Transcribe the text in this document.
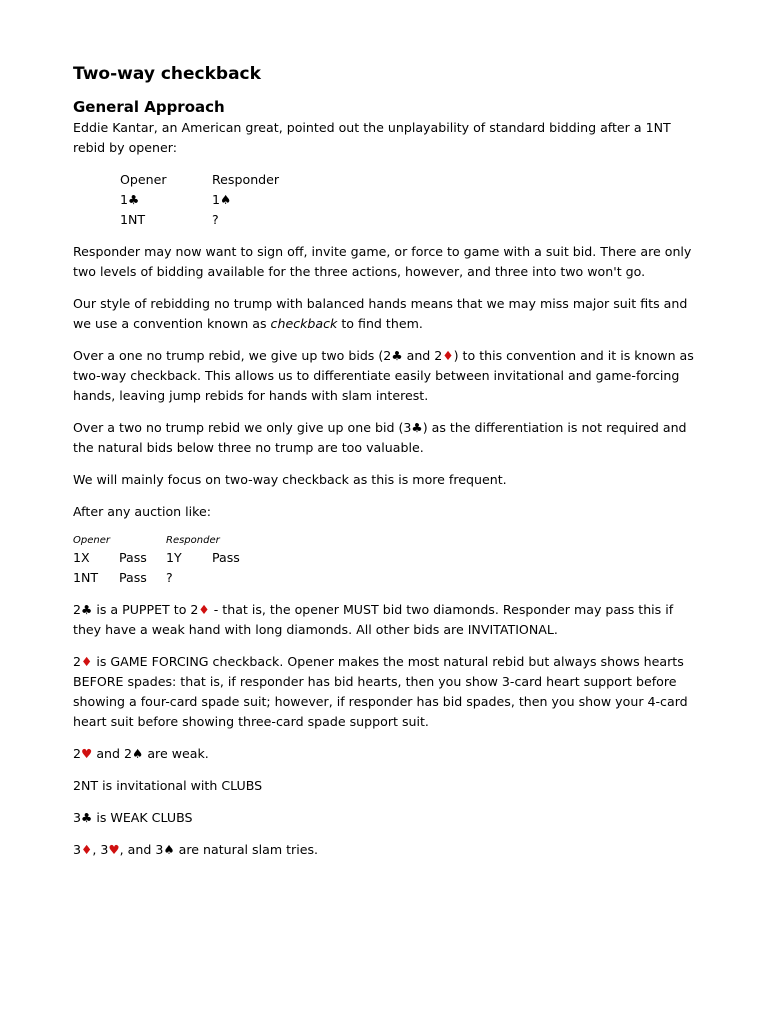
Two-way checkback
General Approach

Eddie Kantar, an American great, pointed out the unplayability of standard bidding after a 1NT rebid by opener:

Opener	Responder
1♣	1♠
1NT	?

Responder may now want to sign off, invite game, or force to game with a suit bid. There are only two levels of bidding available for the three actions, however, and three into two won't go.

Our style of rebidding no trump with balanced hands means that we may miss major suit fits and we use a convention known as checkback to find them.

Over a one no trump rebid, we give up two bids (2♣ and 2♦) to this convention and it is known as two-way checkback. This allows us to differentiate easily between invitational and game-forcing hands, leaving jump rebids for hands with slam interest.

Over a two no trump rebid we only give up one bid (3♣) as the differentiation is not required and the natural bids below three no trump are too valuable.

We will mainly focus on two-way checkback as this is more frequent.

After any auction like:

Opener	Responder
1X	Pass	1Y	Pass
1NT	Pass	?

2♣ is a PUPPET to 2♦ - that is, the opener MUST bid two diamonds. Responder may pass this if they have a weak hand with long diamonds. All other bids are INVITATIONAL.

2♦ is GAME FORCING checkback. Opener makes the most natural rebid but always shows hearts BEFORE spades: that is, if responder has bid hearts, then you show 3-card heart support before showing a four-card spade suit; however, if responder has bid spades, then you show your 4-card heart suit before showing three-card spade support suit.

2♥ and 2♠ are weak.

2NT is invitational with CLUBS

3♣ is WEAK CLUBS

3♦, 3♥, and 3♠ are natural slam tries.
